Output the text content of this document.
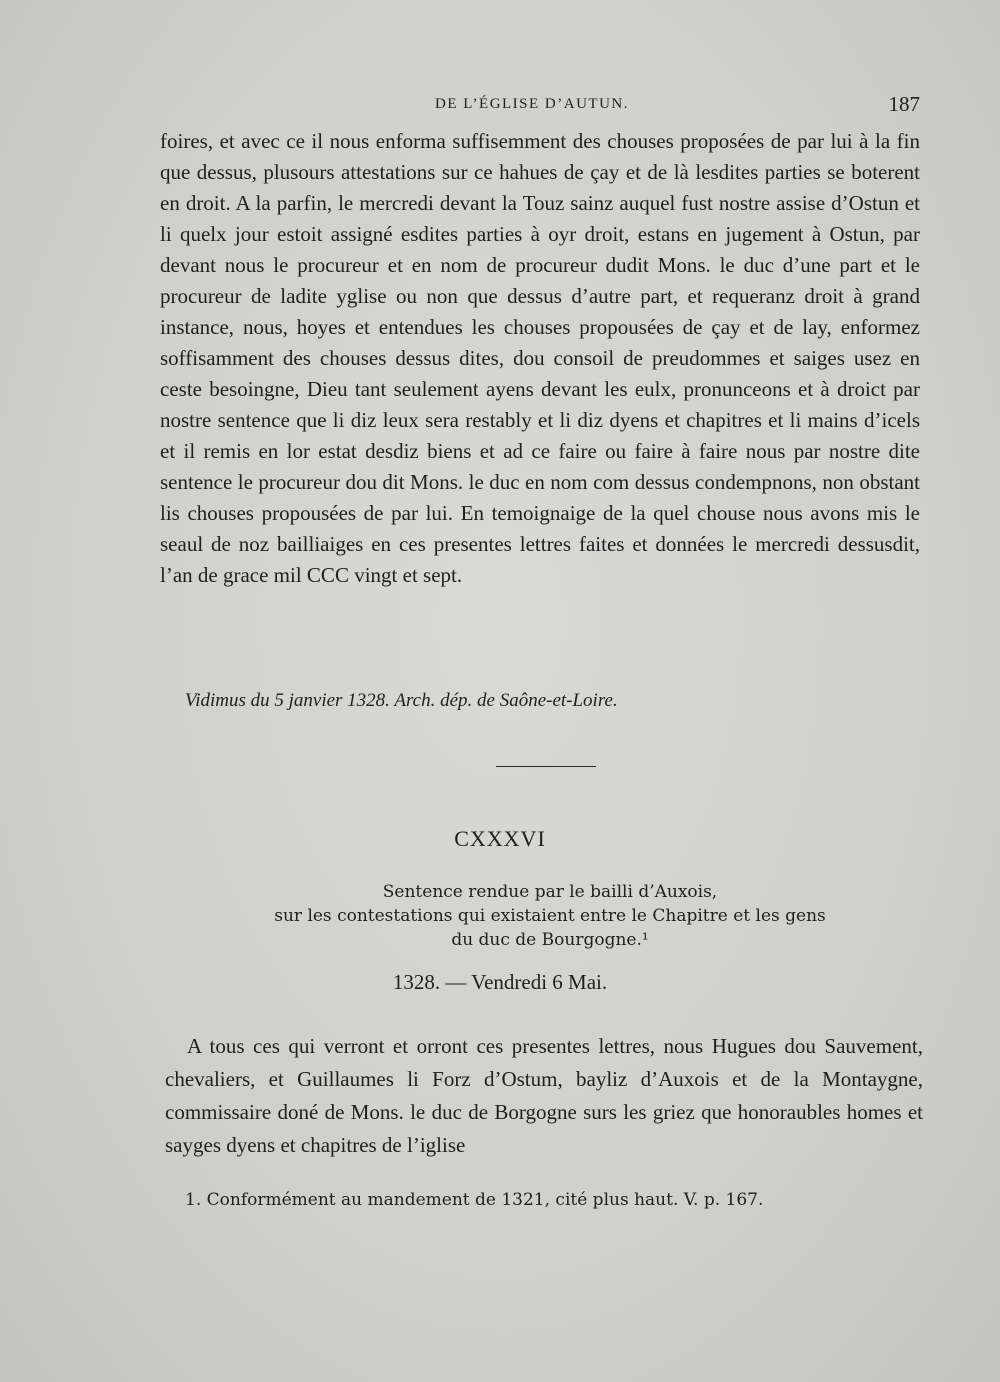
DE L’ÉGLISE D’AUTUN.	187

foires, et avec ce il nous enforma suffisemment des chouses proposées de par lui à la fin que dessus, plusours attestations sur ce hahues de çay et de là lesdites parties se boterent en droit. A la parfin, le mercredi devant la Touz sainz auquel fust nostre assise d’Ostun et li quelx jour estoit assigné esdites parties à oyr droit, estans en jugement à Ostun, par devant nous le procureur et en nom de procureur dudit Mons. le duc d’une part et le procureur de ladite yglise ou non que dessus d’autre part, et requeranz droit à grand instance, nous, hoyes et entendues les chouses propousées de çay et de lay, enformez soffisamment des chouses dessus dites, dou consoil de preudommes et saiges usez en ceste besoingne, Dieu tant seulement ayens devant les eulx, pronunceons et à droict par nostre sentence que li diz leux sera restably et li diz dyens et chapitres et li mains d’icels et il remis en lor estat desdiz biens et ad ce faire ou faire à faire nous par nostre dite sentence le procureur dou dit Mons. le duc en nom com dessus condempnons, non obstant lis chouses propousées de par lui. En temoignaige de la quel chouse nous avons mis le seaul de noz bailliaiges en ces presentes lettres faites et données le mercredi dessusdit, l’an de grace mil CCC vingt et sept.

Vidimus du 5 janvier 1328. Arch. dép. de Saône-et-Loire.
CXXXVI
Sentence rendue par le bailli d’Auxois,
sur les contestations qui existaient entre le Chapitre et les gens
du duc de Bourgogne.¹
1328. — Vendredi 6 Mai.

A tous ces qui verront et orront ces presentes lettres, nous Hugues dou Sauvement, chevaliers, et Guillaumes li Forz d’Ostum, bayliz d’Auxois et de la Montaygne, commissaire doné de Mons. le duc de Borgogne surs les griez que honoraubles homes et sayges dyens et chapitres de l’iglise

1. Conformément au mandement de 1321, cité plus haut. V. p. 167.
